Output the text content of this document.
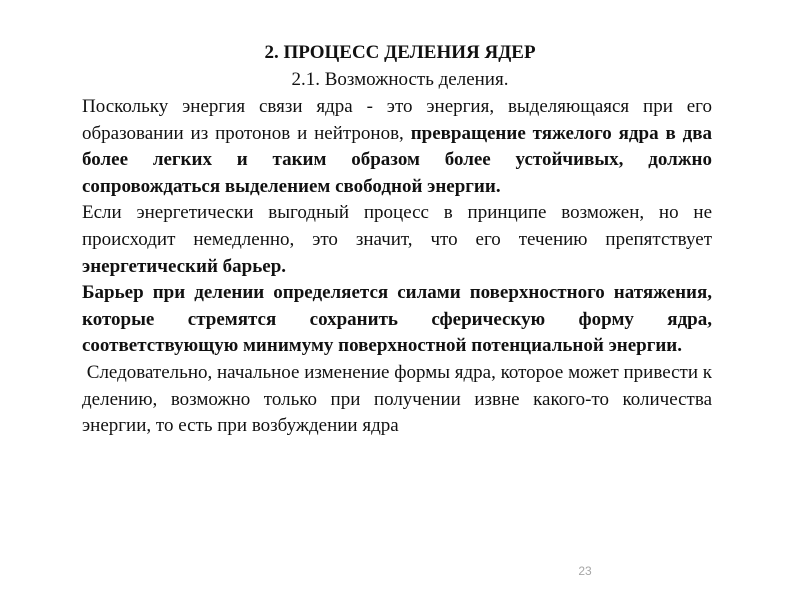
2. ПРОЦЕСС ДЕЛЕНИЯ ЯДЕР
2.1. Возможность деления.

Поскольку энергия связи ядра - это энергия, выделяющаяся при его образовании из протонов и нейтронов, превращение тяжелого ядра в два более легких и таким образом более устойчивых, должно сопровождаться выделением свободной энергии.

Если энергетически выгодный процесс в принципе возможен, но не происходит немедленно, это значит, что его течению препятствует энергетический барьер.

Барьер при делении определяется силами поверхностного натяжения, которые стремятся сохранить сферическую форму ядра, соответствующую минимуму поверхностной потенциальной энергии.

Следовательно, начальное изменение формы ядра, которое может привести к делению, возможно только при получении извне какого-то количества энергии, то есть при возбуждении ядра

23
